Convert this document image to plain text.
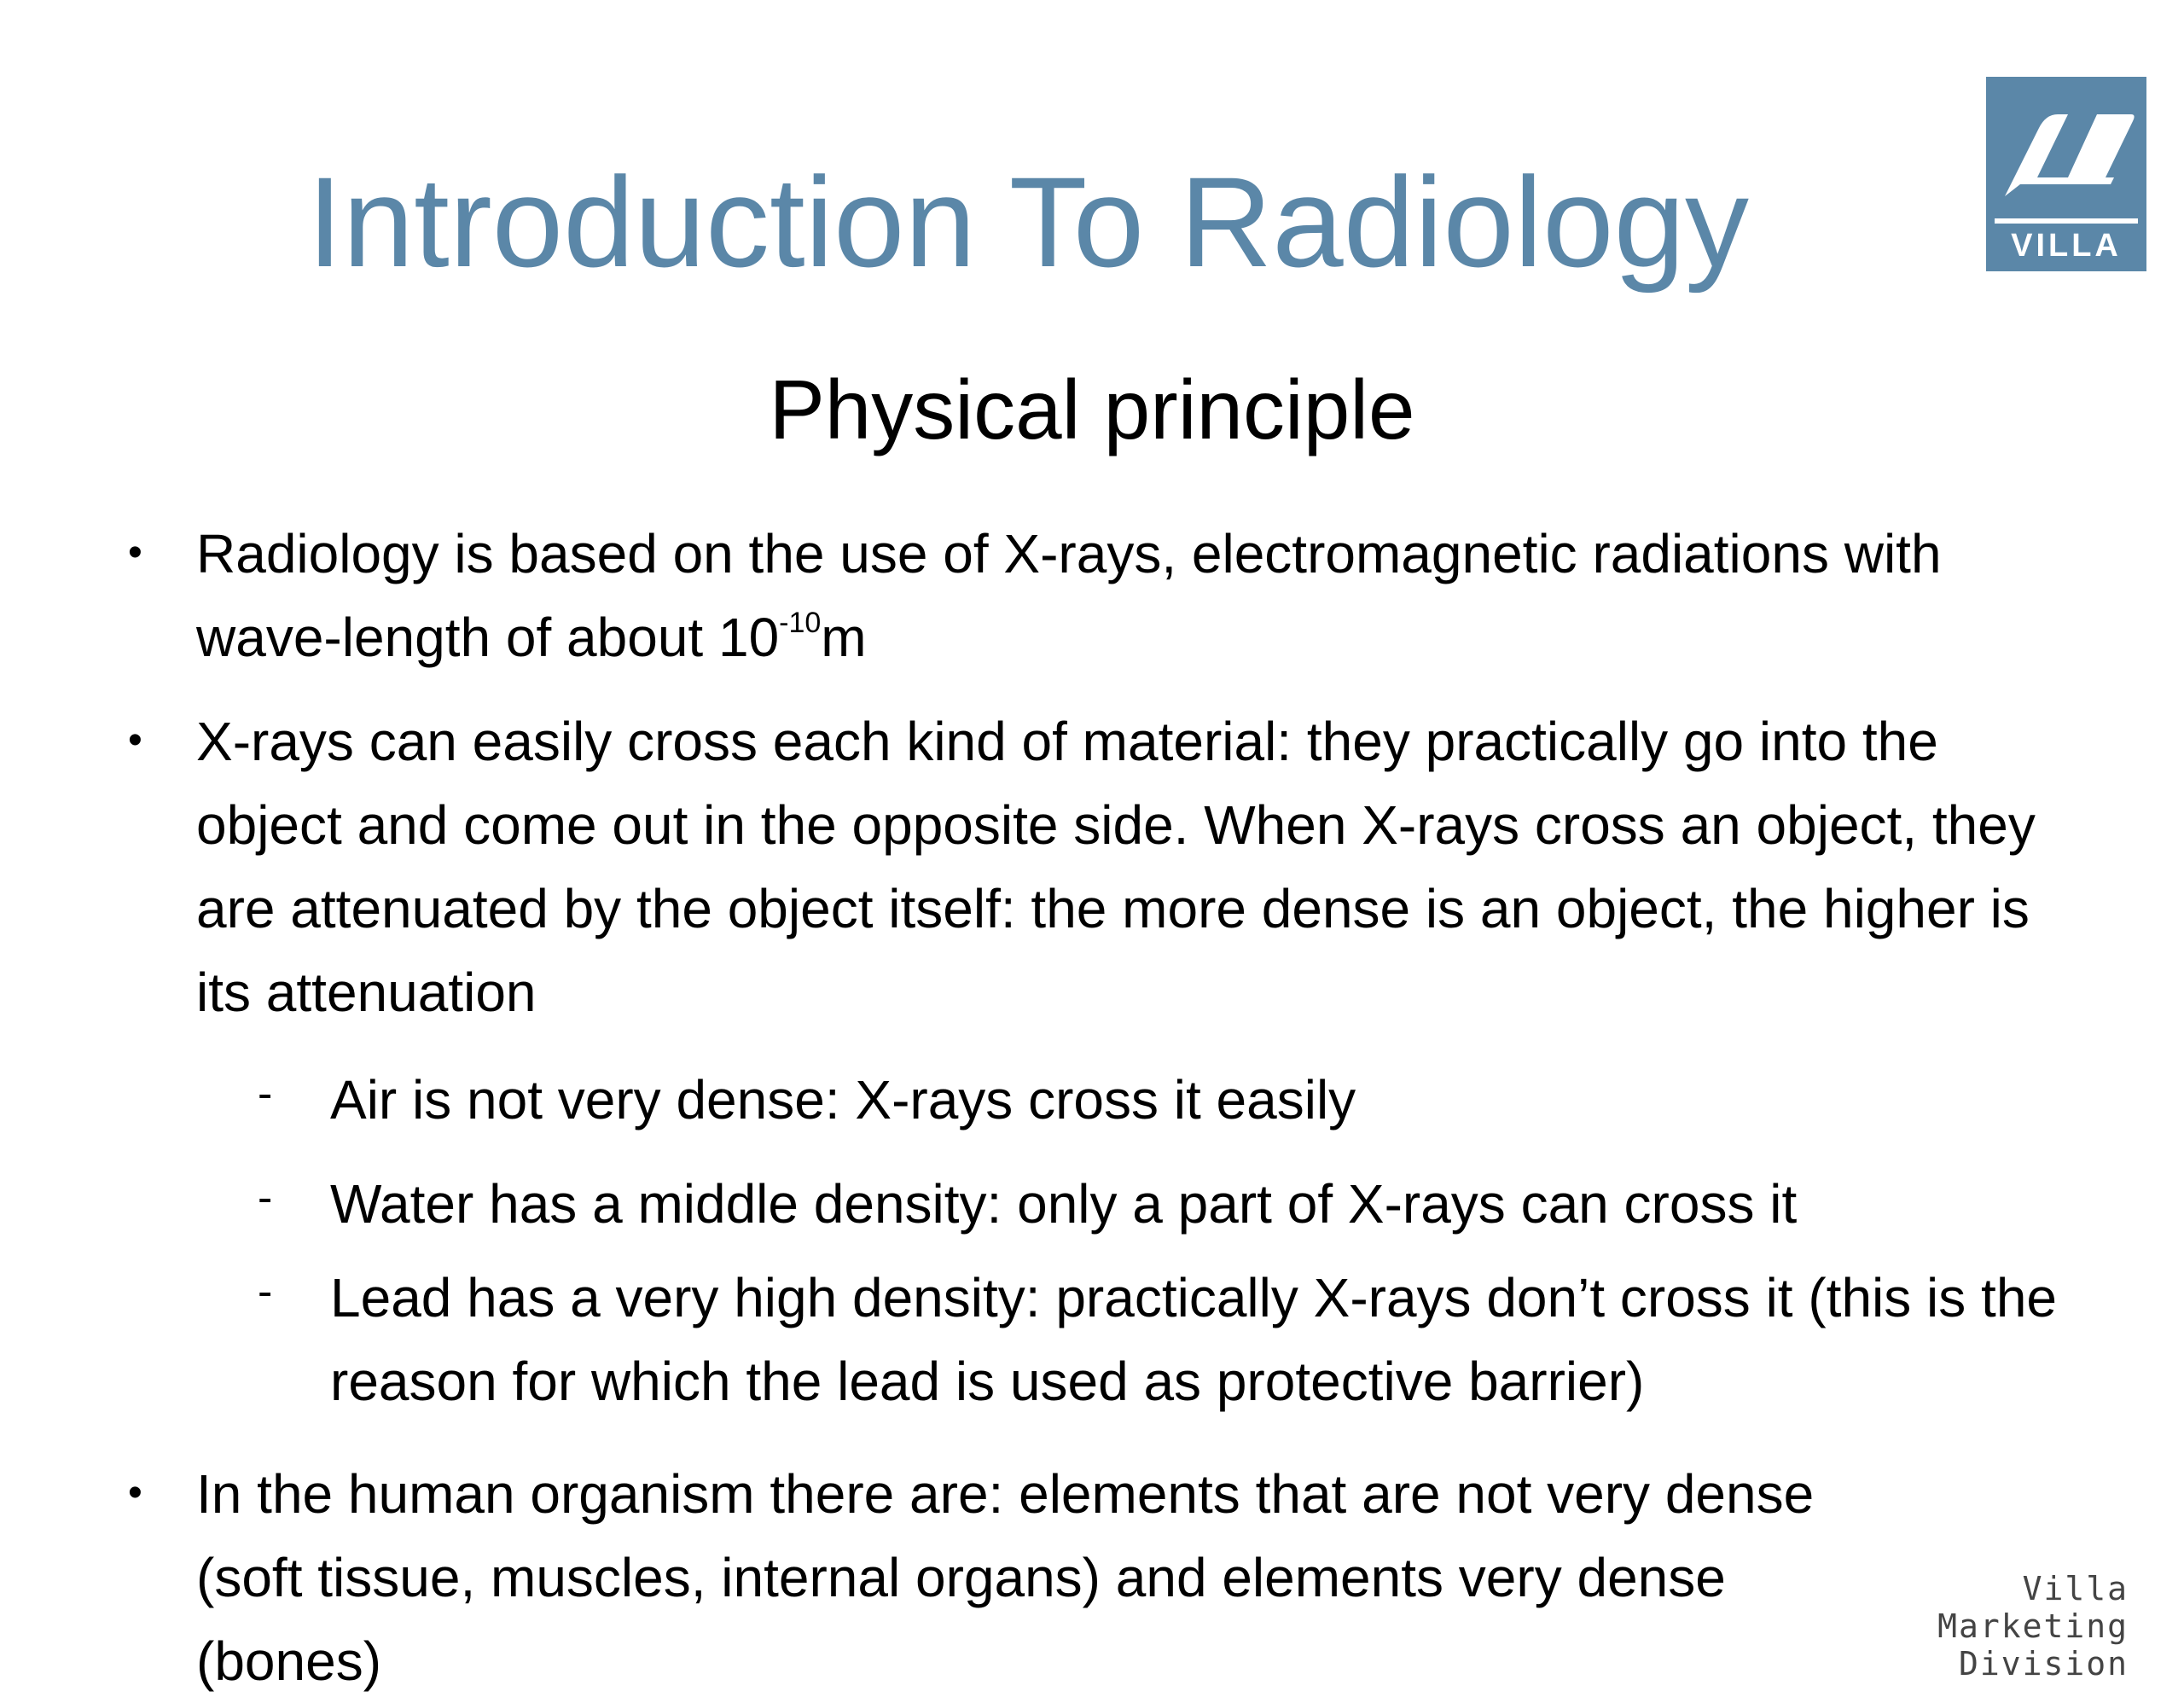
Introduction To Radiology	VILLA
Physical principle
• Radiology is based on the use of X-rays, electromagnetic radiations with wave-length of about $10^{-10}m$
• X-rays can easily cross each kind of material: they practically go into the object and come out in the opposite side. When X-rays cross an object, they are attenuated by the object itself: the more dense is an object, the higher is its attenuation
- Air is not very dense: X-rays cross it easily
- Water has a middle density: only a part of X-rays can cross it
- Lead has a very high density: practically X-rays don’t cross it (this is the reason for which the lead is used as protective barrier)
• In the human organism there are: elements that are not very dense (soft tissue, muscles, internal organs) and elements very dense (bones)
Villa Marketing
Division
